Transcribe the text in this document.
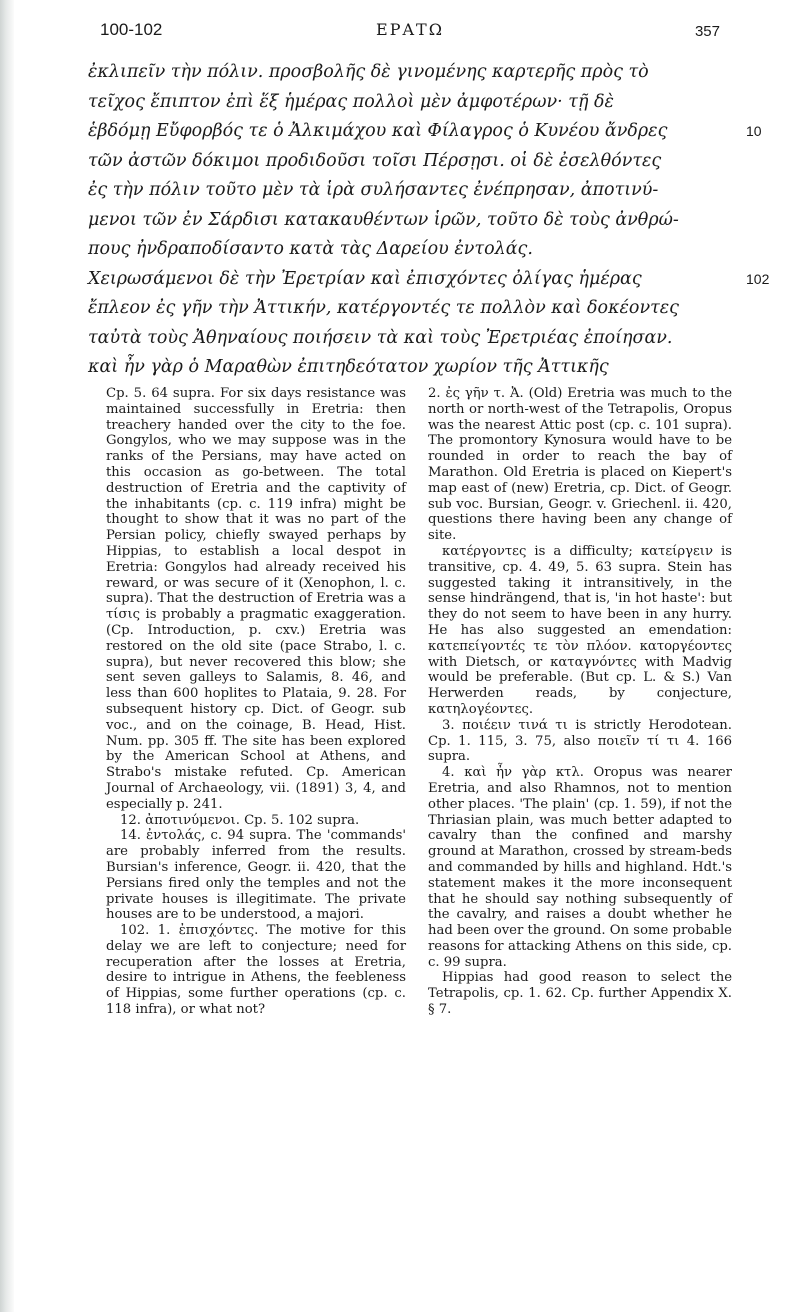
100-102	ΕΡΑΤΩ	357
ἐκλιπεῖν τὴν πόλιν. προσβολῆς δὲ γινομένης καρτερῆς πρὸς τὸ
τεῖχος ἔπιπτον ἐπὶ ἕξ ἡμέρας πολλοὶ μὲν ἀμφοτέρων· τῇ δὲ
ἑβδόμῃ Εὔφορβός τε ὁ Ἀλκιμάχου καὶ Φίλαγρος ὁ Κυνέου ἄνδρες	10
τῶν ἀστῶν δόκιμοι προδιδοῦσι τοῖσι Πέρσῃσι. οἱ δὲ ἐσελθόντες
ἐς τὴν πόλιν τοῦτο μὲν τὰ ἱρὰ συλήσαντες ἐνέπρησαν, ἀποτινύ-
μενοι τῶν ἐν Σάρδισι κατακαυθέντων ἱρῶν, τοῦτο δὲ τοὺς ἀνθρώ-
πους ἠνδραποδίσαντο κατὰ τὰς Δαρείου ἐντολάς.
Χειρωσάμενοι δὲ τὴν Ἐρετρίαν καὶ ἐπισχόντες ὀλίγας ἡμέρας	102
ἔπλεον ἐς γῆν τὴν Ἀττικήν, κατέργοντές τε πολλὸν καὶ δοκέοντες
ταὐτὰ τοὺς Ἀθηναίους ποιήσειν τὰ καὶ τοὺς Ἐρετριέας ἐποίησαν.
καὶ ἦν γὰρ ὁ Μαραθὼν ἐπιτηδεότατον χωρίον τῆς Ἀττικῆς

Cp. 5. 64 supra. For six days resistance was maintained successfully in Eretria: then treachery handed over the city to the foe. Gongylos, who we may suppose was in the ranks of the Persians, may have acted on this occasion as go-between. The total destruction of Eretria and the captivity of the inhabitants (cp. c. 119 infra) might be thought to show that it was no part of the Persian policy, chiefly swayed perhaps by Hippias, to establish a local despot in Eretria: Gongylos had already received his reward, or was secure of it (Xenophon, l. c. supra). That the destruction of Eretria was a τίσις is probably a pragmatic exaggeration. (Cp. Introduction, p. cxv.) Eretria was restored on the old site (pace Strabo, l. c. supra), but never recovered this blow; she sent seven galleys to Salamis, 8. 46, and less than 600 hoplites to Plataia, 9. 28. For subsequent history cp. Dict. of Geogr. sub voc., and on the coinage, B. Head, Hist. Num. pp. 305 ff. The site has been explored by the American School at Athens, and Strabo's mistake refuted. Cp. American Journal of Archaeology, vii. (1891) 3, 4, and especially p. 241.

12. ἀποτινύμενοι. Cp. 5. 102 supra.

14. ἐντολάς, c. 94 supra. The 'commands' are probably inferred from the results. Bursian's inference, Geogr. ii. 420, that the Persians fired only the temples and not the private houses is illegitimate. The private houses are to be understood, a majori.

102. 1. ἐπισχόντες. The motive for this delay we are left to conjecture; need for recuperation after the losses at Eretria, desire to intrigue in Athens, the feebleness of Hippias, some further operations (cp. c. 118 infra), or what not?

2. ἐς γῆν τ. Ἀ. (Old) Eretria was much to the north or north-west of the Tetrapolis, Oropus was the nearest Attic post (cp. c. 101 supra). The promontory Kynosura would have to be rounded in order to reach the bay of Marathon. Old Eretria is placed on Kiepert's map east of (new) Eretria, cp. Dict. of Geogr. sub voc. Bursian, Geogr. v. Griechenl. ii. 420, questions there having been any change of site.

κατέργοντες is a difficulty; κατείργειν is transitive, cp. 4. 49, 5. 63 supra. Stein has suggested taking it intransitively, in the sense hindrängend, that is, 'in hot haste': but they do not seem to have been in any hurry. He has also suggested an emendation: κατεπείγοντές τε τὸν πλόον. κατοργέοντες with Dietsch, or καταγνόντες with Madvig would be preferable. (But cp. L. & S.) Van Herwerden reads, by conjecture, κατηλογέοντες.

3. ποιέειν τινά τι is strictly Herodotean. Cp. 1. 115, 3. 75, also ποιεῖν τί τι 4. 166 supra.

4. καὶ ἦν γὰρ κτλ. Oropus was nearer Eretria, and also Rhamnos, not to mention other places. 'The plain' (cp. 1. 59), if not the Thriasian plain, was much better adapted to cavalry than the confined and marshy ground at Marathon, crossed by stream-beds and commanded by hills and highland. Hdt.'s statement makes it the more inconsequent that he should say nothing subsequently of the cavalry, and raises a doubt whether he had been over the ground. On some probable reasons for attacking Athens on this side, cp. c. 99 supra.

Hippias had good reason to select the Tetrapolis, cp. 1. 62. Cp. further Appendix X. § 7.
